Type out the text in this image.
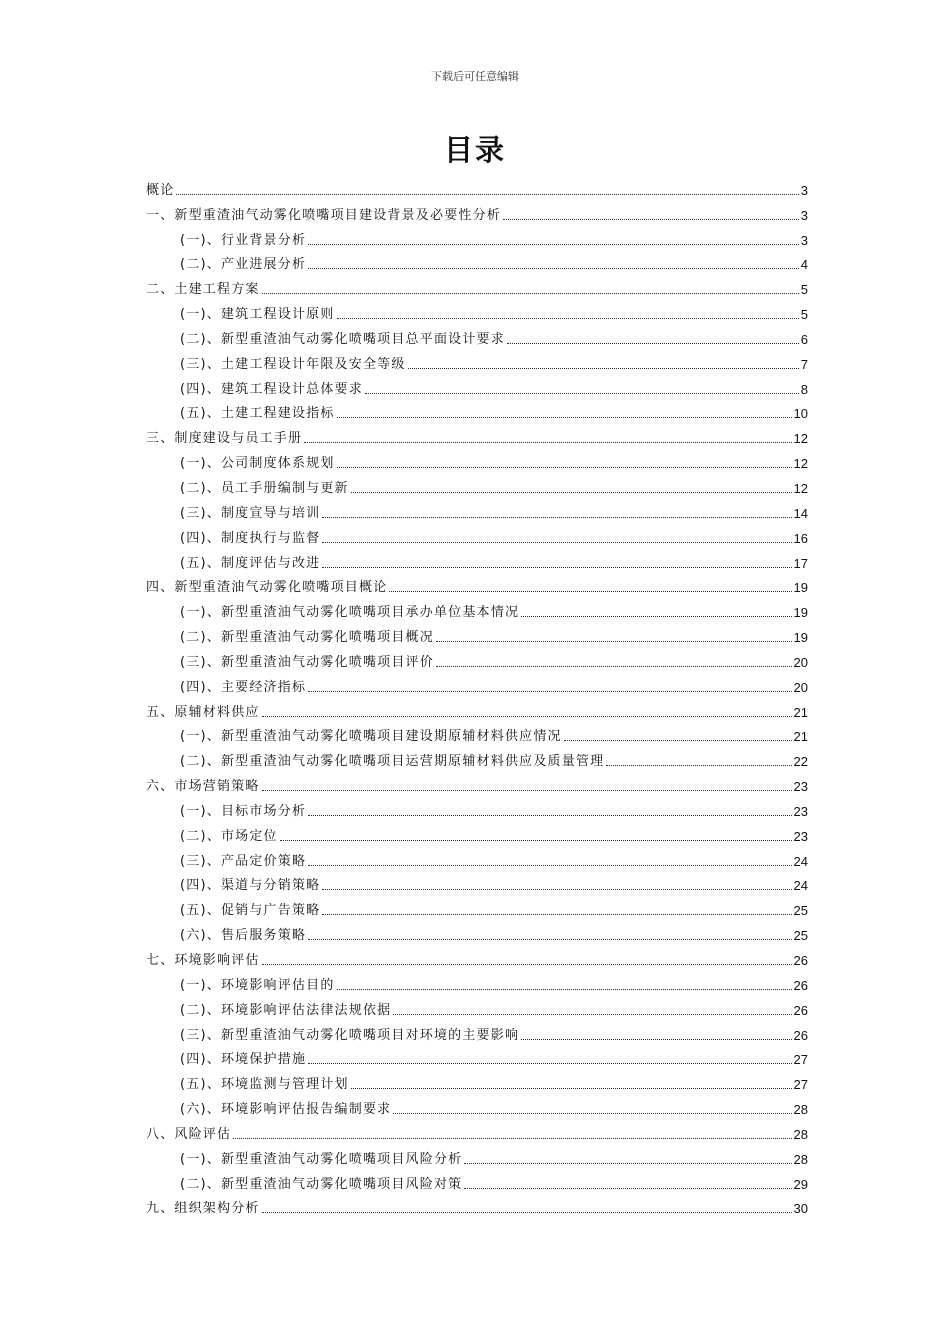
下载后可任意编辑
目录
概论	3
一、新型重渣油气动雾化喷嘴项目建设背景及必要性分析	3
(一)、行业背景分析	3
(二)、产业进展分析	4
二、土建工程方案	5
(一)、建筑工程设计原则	5
(二)、新型重渣油气动雾化喷嘴项目总平面设计要求	6
(三)、土建工程设计年限及安全等级	7
(四)、建筑工程设计总体要求	8
(五)、土建工程建设指标	10
三、制度建设与员工手册	12
(一)、公司制度体系规划	12
(二)、员工手册编制与更新	12
(三)、制度宣导与培训	14
(四)、制度执行与监督	16
(五)、制度评估与改进	17
四、新型重渣油气动雾化喷嘴项目概论	19
(一)、新型重渣油气动雾化喷嘴项目承办单位基本情况	19
(二)、新型重渣油气动雾化喷嘴项目概况	19
(三)、新型重渣油气动雾化喷嘴项目评价	20
(四)、主要经济指标	20
五、原辅材料供应	21
(一)、新型重渣油气动雾化喷嘴项目建设期原辅材料供应情况	21
(二)、新型重渣油气动雾化喷嘴项目运营期原辅材料供应及质量管理	22
六、市场营销策略	23
(一)、目标市场分析	23
(二)、市场定位	23
(三)、产品定价策略	24
(四)、渠道与分销策略	24
(五)、促销与广告策略	25
(六)、售后服务策略	25
七、环境影响评估	26
(一)、环境影响评估目的	26
(二)、环境影响评估法律法规依据	26
(三)、新型重渣油气动雾化喷嘴项目对环境的主要影响	26
(四)、环境保护措施	27
(五)、环境监测与管理计划	27
(六)、环境影响评估报告编制要求	28
八、风险评估	28
(一)、新型重渣油气动雾化喷嘴项目风险分析	28
(二)、新型重渣油气动雾化喷嘴项目风险对策	29
九、组织架构分析	30
